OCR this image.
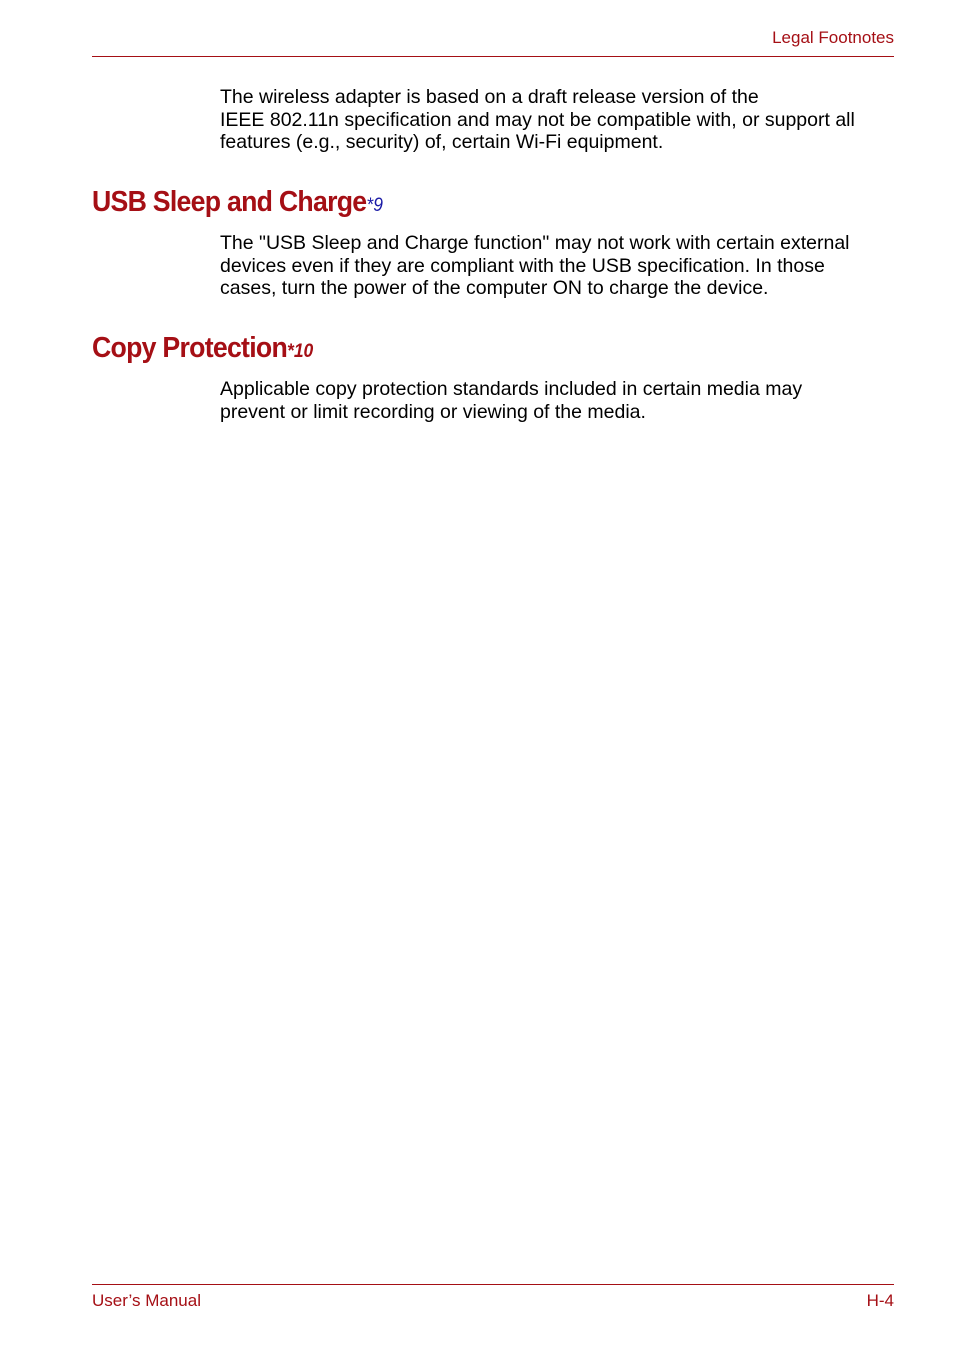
Legal Footnotes

The wireless adapter is based on a draft release version of the
IEEE 802.11n specification and may not be compatible with, or support all
features (e.g., security) of, certain Wi-Fi equipment.

USB Sleep and Charge*9

The "USB Sleep and Charge function" may not work with certain external
devices even if they are compliant with the USB specification. In those
cases, turn the power of the computer ON to charge the device.

Copy Protection*10

Applicable copy protection standards included in certain media may
prevent or limit recording or viewing of the media.

User’s Manual	H-4
